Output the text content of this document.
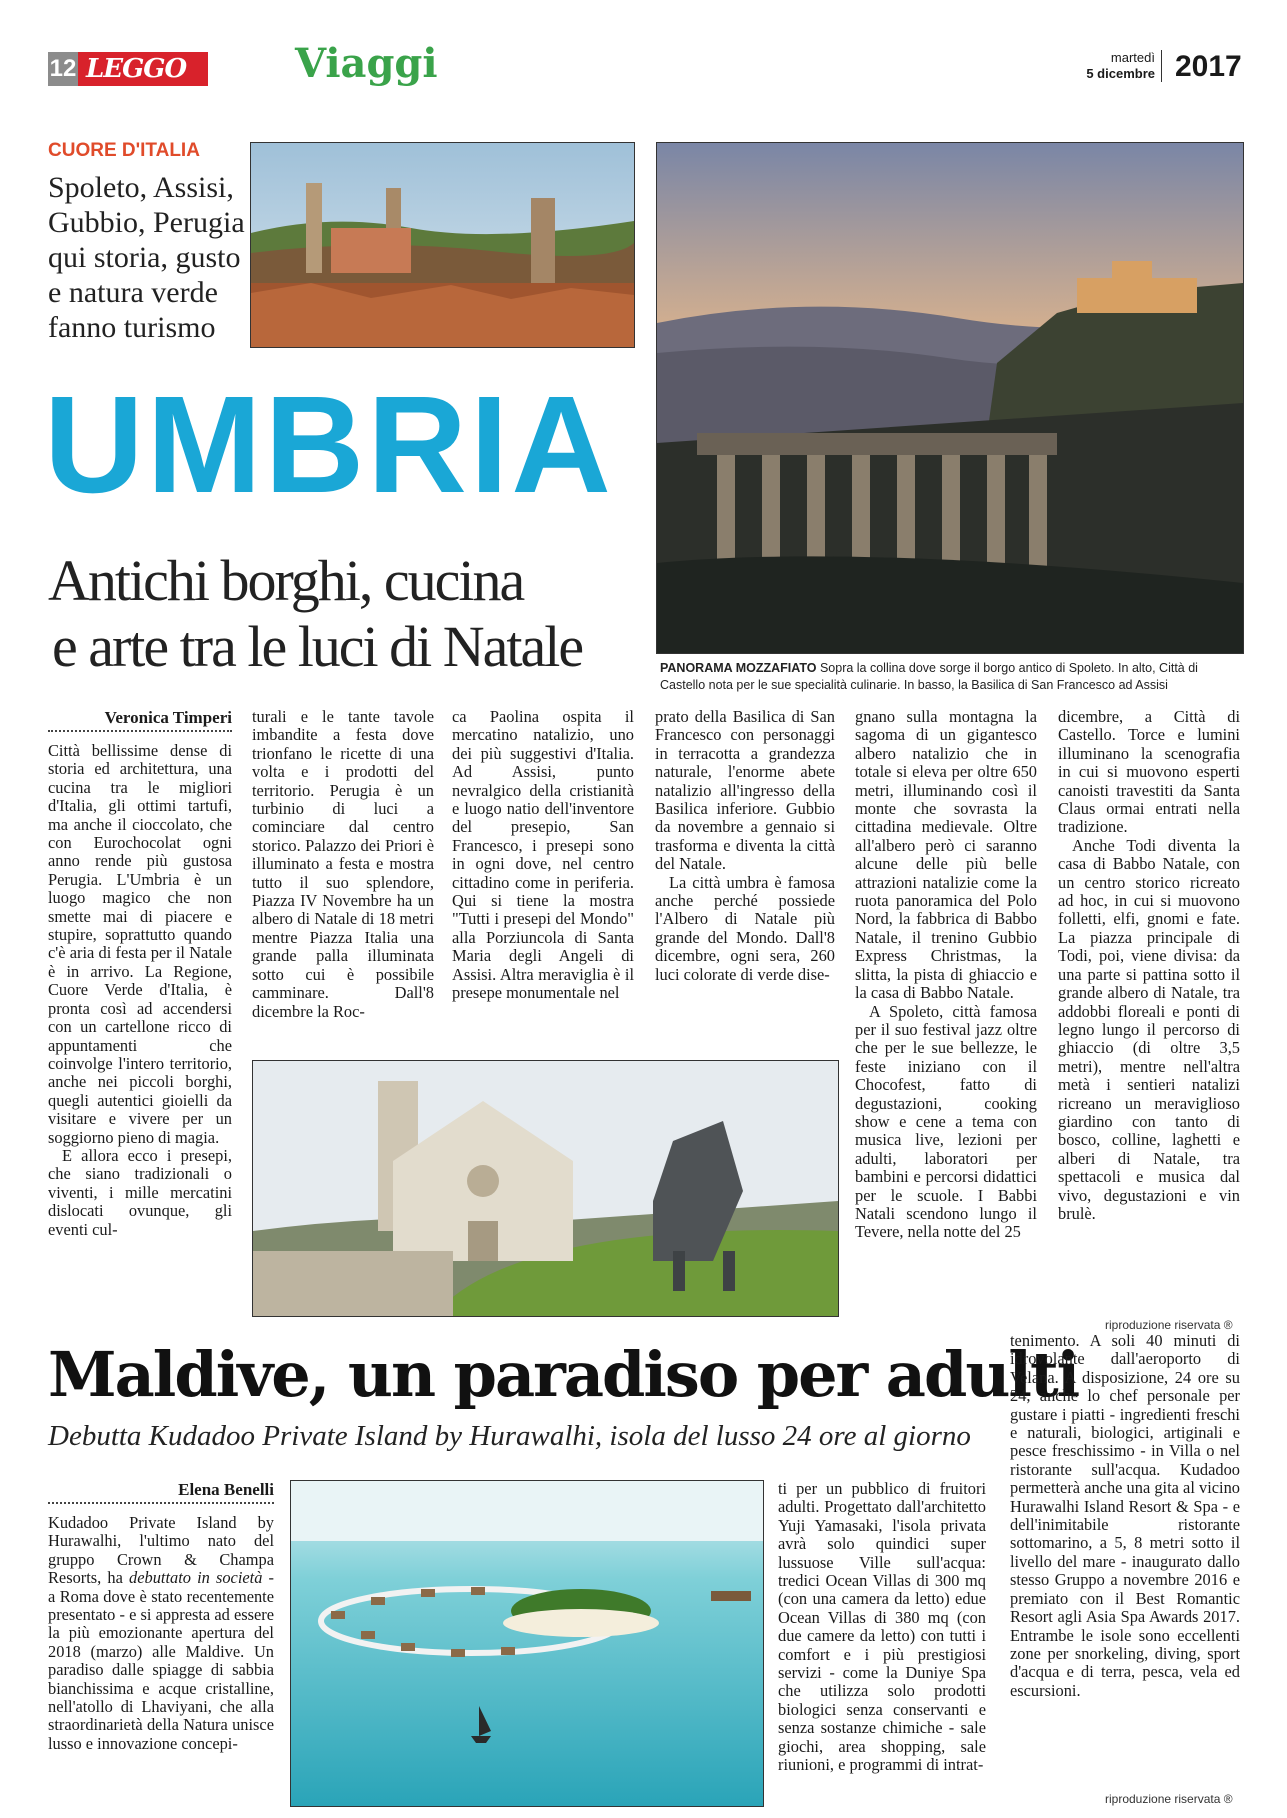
12 LEGGO	Viaggi	martedì
5 dicembre 2017
CUORE D'ITALIA
Spoleto, Assisi, Gubbio, Perugia qui storia, gusto e natura verde fanno turismo
UMBRIA
Antichi borghi, cucina
e arte tra le luci di Natale	PANORAMA MOZZAFIATO Sopra la collina dove sorge il borgo antico di Spoleto. In alto, Città di Castello nota per le sue specialità culinarie. In basso, la Basilica di San Francesco ad Assisi
Veronica Timperi

Città bellissime dense di storia ed architettura, una cucina tra le migliori d'Italia, gli ottimi tartufi, ma anche il cioccolato, che con Eurochocolat ogni anno rende più gustosa Perugia. L'Umbria è un luogo magico che non smette mai di piacere e stupire, soprattutto quando c'è aria di festa per il Natale è in arrivo. La Regione, Cuore Verde d'Italia, è pronta così ad accendersi con un cartellone ricco di appuntamenti che coinvolge l'intero territorio, anche nei piccoli borghi, quegli autentici gioielli da visitare e vivere per un soggiorno pieno di magia.

E allora ecco i presepi, che siano tradizionali o viventi, i mille mercatini dislocati ovunque, gli eventi cul-

turali e le tante tavole imbandite a festa dove trionfano le ricette di una volta e i prodotti del territorio. Perugia è un turbinio di luci a cominciare dal centro storico. Palazzo dei Priori è illuminato a festa e mostra tutto il suo splendore, Piazza IV Novembre ha un albero di Natale di 18 metri mentre Piazza Italia una grande palla illuminata sotto cui è possibile camminare. Dall'8 dicembre la Roc-

ca Paolina ospita il mercatino natalizio, uno dei più suggestivi d'Italia. Ad Assisi, punto nevralgico della cristianità e luogo natio dell'inventore del presepio, San Francesco, i presepi sono in ogni dove, nel centro cittadino come in periferia. Qui si tiene la mostra "Tutti i presepi del Mondo" alla Porziuncola di Santa Maria degli Angeli di Assisi. Altra meraviglia è il presepe monumentale nel

prato della Basilica di San Francesco con personaggi in terracotta a grandezza naturale, l'enorme abete natalizio all'ingresso della Basilica inferiore. Gubbio da novembre a gennaio si trasforma e diventa la città del Natale.

La città umbra è famosa anche perché possiede l'Albero di Natale più grande del Mondo. Dall'8 dicembre, ogni sera, 260 luci colorate di verde dise-

gnano sulla montagna la sagoma di un gigantesco albero natalizio che in totale si eleva per oltre 650 metri, illuminando così il monte che sovrasta la cittadina medievale. Oltre all'albero però ci saranno alcune delle più belle attrazioni natalizie come la ruota panoramica del Polo Nord, la fabbrica di Babbo Natale, il trenino Gubbio Express Christmas, la slitta, la pista di ghiaccio e la casa di Babbo Natale.

A Spoleto, città famosa per il suo festival jazz oltre che per le sue bellezze, le feste iniziano con il Chocofest, fatto di degustazioni, cooking show e cene a tema con musica live, lezioni per adulti, laboratori per bambini e percorsi didattici per le scuole. I Babbi Natali scendono lungo il Tevere, nella notte del 25

dicembre, a Città di Castello. Torce e lumini illuminano la scenografia in cui si muovono esperti canoisti travestiti da Santa Claus ormai entrati nella tradizione.

Anche Todi diventa la casa di Babbo Natale, con un centro storico ricreato ad hoc, in cui si muovono folletti, elfi, gnomi e fate. La piazza principale di Todi, poi, viene divisa: da una parte si pattina sotto il grande albero di Natale, tra addobbi floreali e ponti di legno lungo il percorso di ghiaccio (di oltre 3,5 metri), mentre nell'altra metà i sentieri natalizi ricreano un meraviglioso giardino con tanto di bosco, colline, laghetti e alberi di Natale, tra spettacoli e musica dal vivo, degustazioni e vin brulè.

riproduzione riservata ®
Maldive, un paradiso per adulti
Debutta Kudadoo Private Island by Hurawalhi, isola del lusso 24 ore al giorno
Elena Benelli

Kudadoo Private Island by Hurawalhi, l'ultimo nato del gruppo Crown & Champa Resorts, ha debuttato in società - a Roma dove è stato recentemente presentato - e si appresta ad essere la più emozionante apertura del 2018 (marzo) alle Maldive. Un paradiso dalle spiagge di sabbia bianchissima e acque cristalline, nell'atollo di Lhaviyani, che alla straordinarietà della Natura unisce lusso e innovazione concepi-

ti per un pubblico di fruitori adulti. Progettato dall'architetto Yuji Yamasaki, l'isola privata avrà solo quindici super lussuose Ville sull'acqua: tredici Ocean Villas di 300 mq (con una camera da letto) edue Ocean Villas di 380 mq (con due camere da letto) con tutti i comfort e i più prestigiosi servizi - come la Duniye Spa che utilizza solo prodotti biologici senza conservanti e senza sostanze chimiche - sale giochi, area shopping, sale riunioni, e programmi di intrat-

tenimento. A soli 40 minuti di idrovolante dall'aeroporto di Velana. A disposizione, 24 ore su 24, anche lo chef personale per gustare i piatti - ingredienti freschi e naturali, biologici, artiginali e pesce freschissimo - in Villa o nel ristorante sull'acqua. Kudadoo permetterà anche una gita al vicino Hurawalhi Island Resort & Spa - e dell'inimitabile ristorante sottomarino, a 5, 8 metri sotto il livello del mare - inaugurato dallo stesso Gruppo a novembre 2016 e premiato con il Best Romantic Resort agli Asia Spa Awards 2017. Entrambe le isole sono eccellenti zone per snorkeling, diving, sport d'acqua e di terra, pesca, vela ed escursioni.

riproduzione riservata ®
